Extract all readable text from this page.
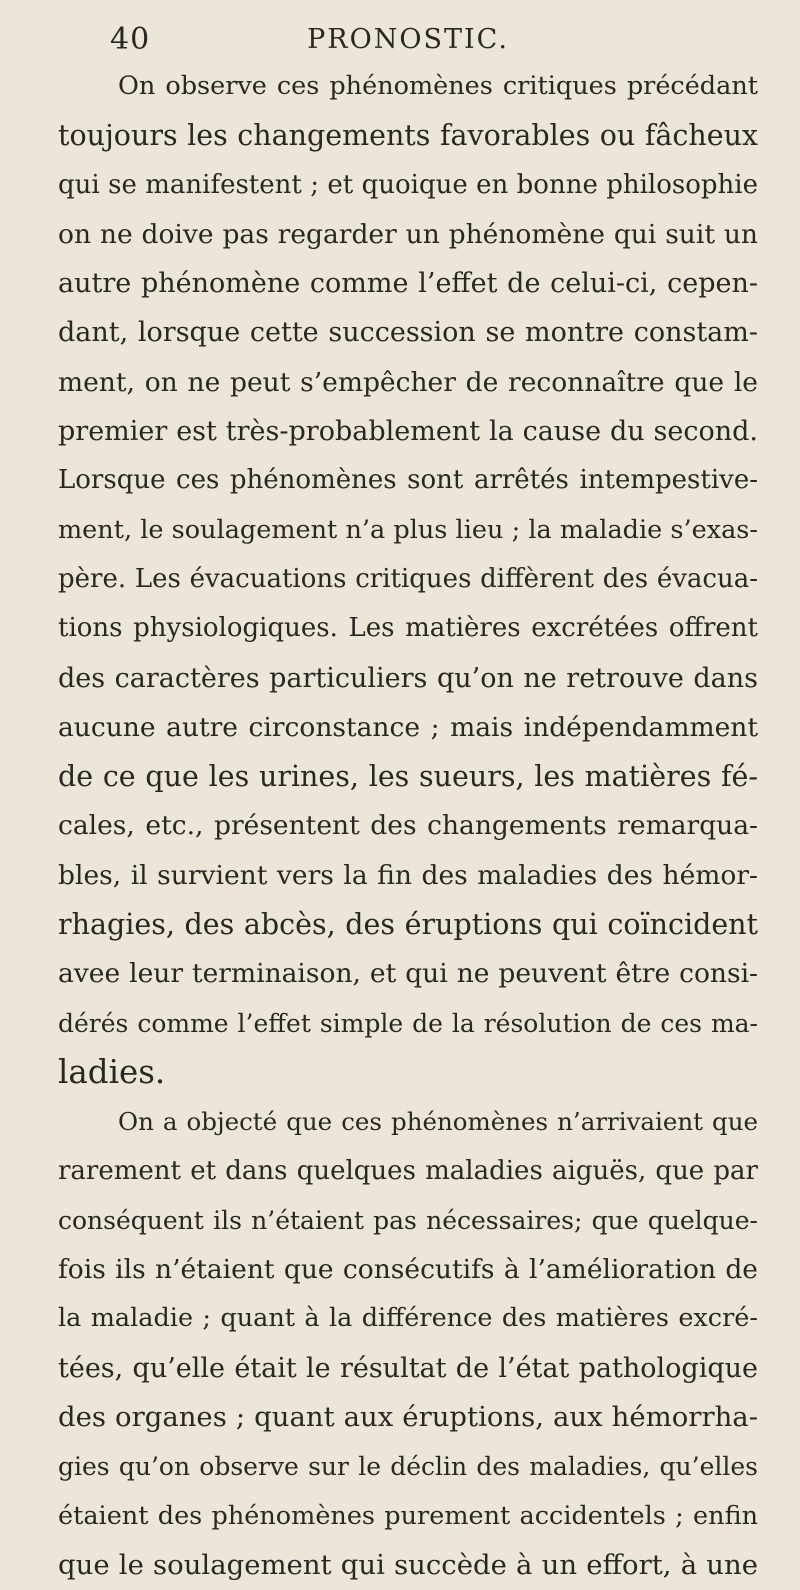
40	PRONOSTIC.
On observe ces phénomènes critiques précédant
toujours les changements favorables ou fâcheux
qui se manifestent ; et quoique en bonne philosophie
on ne doive pas regarder un phénomène qui suit un
autre phénomène comme l’effet de celui-ci, cepen-
dant, lorsque cette succession se montre constam-
ment, on ne peut s’empêcher de reconnaître que le
premier est très-probablement la cause du second.
Lorsque ces phénomènes sont arrêtés intempestive-
ment, le soulagement n’a plus lieu ; la maladie s’exas-
père. Les évacuations critiques diffèrent des évacua-
tions physiologiques. Les matières excrétées offrent
des caractères particuliers qu’on ne retrouve dans
aucune autre circonstance ; mais indépendamment
de ce que les urines, les sueurs, les matières fé-
cales, etc., présentent des changements remarqua-
bles, il survient vers la fin des maladies des hémor-
rhagies, des abcès, des éruptions qui coïncident
avee leur terminaison, et qui ne peuvent être consi-
dérés comme l’effet simple de la résolution de ces ma-
ladies.
On a objecté que ces phénomènes n’arrivaient que
rarement et dans quelques maladies aiguës, que par
conséquent ils n’étaient pas nécessaires; que quelque-
fois ils n’étaient que consécutifs à l’amélioration de
la maladie ; quant à la différence des matières excré-
tées, qu’elle était le résultat de l’état pathologique
des organes ; quant aux éruptions, aux hémorrha-
gies qu’on observe sur le déclin des maladies, qu’elles
étaient des phénomènes purement accidentels ; enfin
que le soulagement qui succède à un effort, à une
